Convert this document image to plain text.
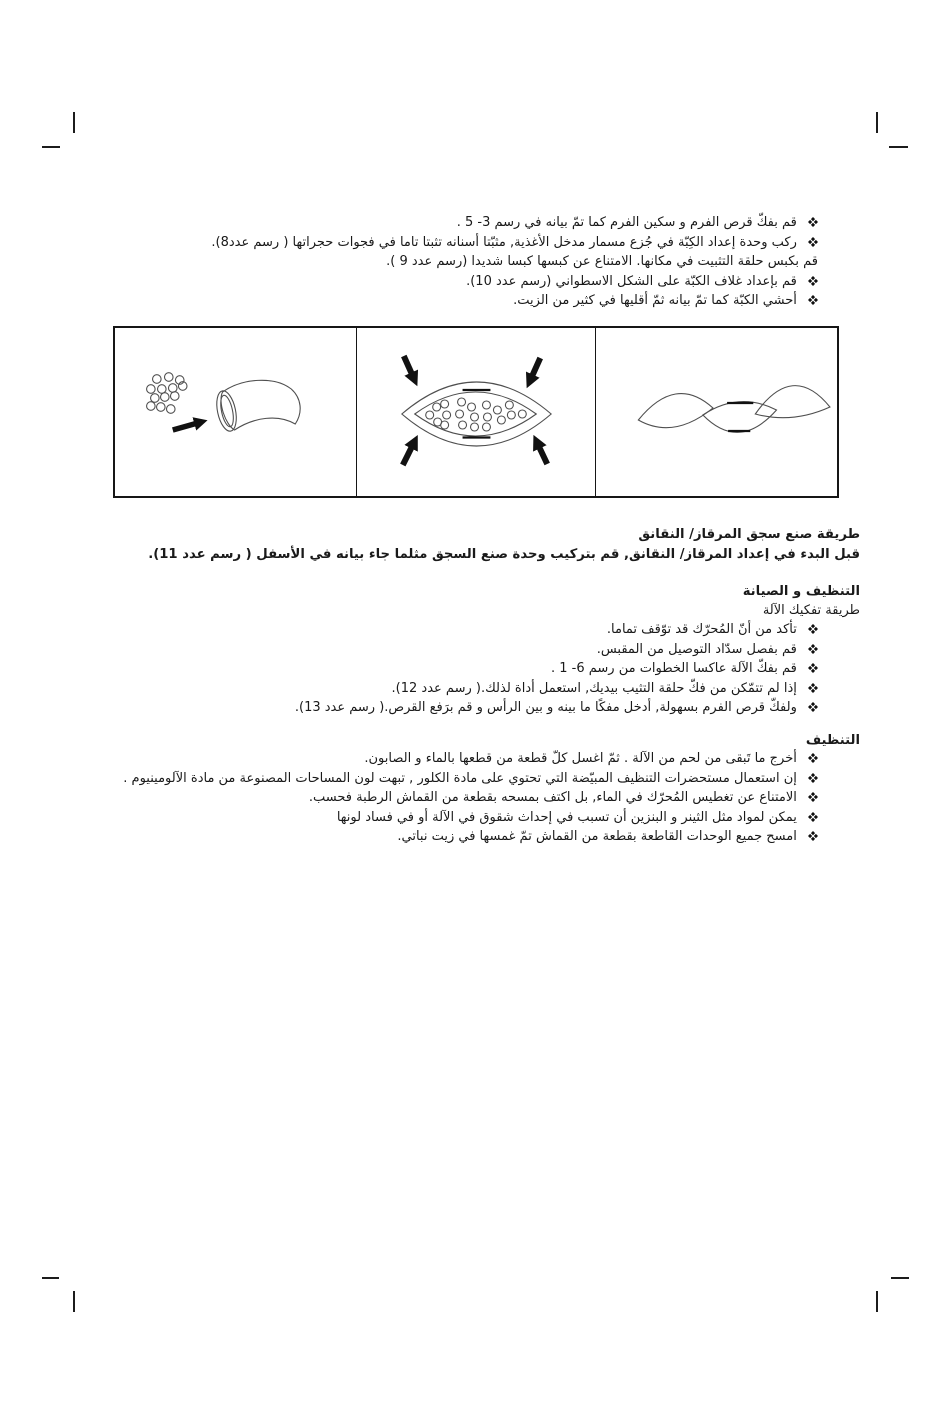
قم بفكّ قرص الفرم و سكين الفرم كما تمّ بيانه في رسم 3- 5 .
ركب وحدة إعداد الكِبّة في جُزع مسمار مدخل الأغذية, مثبّتا أسنانه تثبتا تاما في فجوات حجراتها ( رسم عدد8).
قم بكبس حلقة التثبيت في مكانها. الامتناع عن كبسها كبسا شديدا (رسم عدد 9 ).
قم بإعداد غلاف الكبّة على الشكل الاسطواني (رسم عدد 10).
أحشي الكبّة كما تمّ بيانه ثمّ أقليها في كثير من الزيت.
طريقة صنع سجق المرقاز/ النقانق
قبل البدء في إعداد المرقاز/ النقانق, قم بتركيب وحدة صنع السجق مثلما جاء بيانه في الأسفل ( رسم عدد 11).
التنظيف و الصيانة
طريقة تفكيك الآلة
تأكد من أنّ المُحرّك قد توّقف تماما.
قم بفصل سدّاد التوصيل من المقبس.
قم بفكّ الآلة عاكسا الخطوات من رسم 6- 1 .
إذا لم تتمّكن من فكّ حلقة التثيب بيديك, استعمل أداة لذلك.( رسم عدد 12).
ولفكّ قرص الفرم بسهولة, أدخل مفكًا ما بينه و بين الرأس و قم برَفع القرص.( رسم عدد 13).
التنظيف
أخرج ما تَبقى من لحم من الآلة . ثمّ اغسل كلّ قطعة من قطعها بالماء و الصابون.
إن استعمال مستحضرات التنظيف المبيّضة التي تحتوي على مادة الكلور , تبهت لون المساحات المصنوعة من مادة الآلومينيوم .
الامتناع عن تغطيس المُحرّك في الماء, بل اكتف بمسحه بقطعة من القماش الرطبة فحسب.
يمكن لمواد مثل الثينر و البنزين أن تسبب في إحداث شقوق في الآلة أو في فساد لونها
امسح جميع الوحدات القاطعة بقطعة من القماش تمّ غمسها في زيت نباتي.
